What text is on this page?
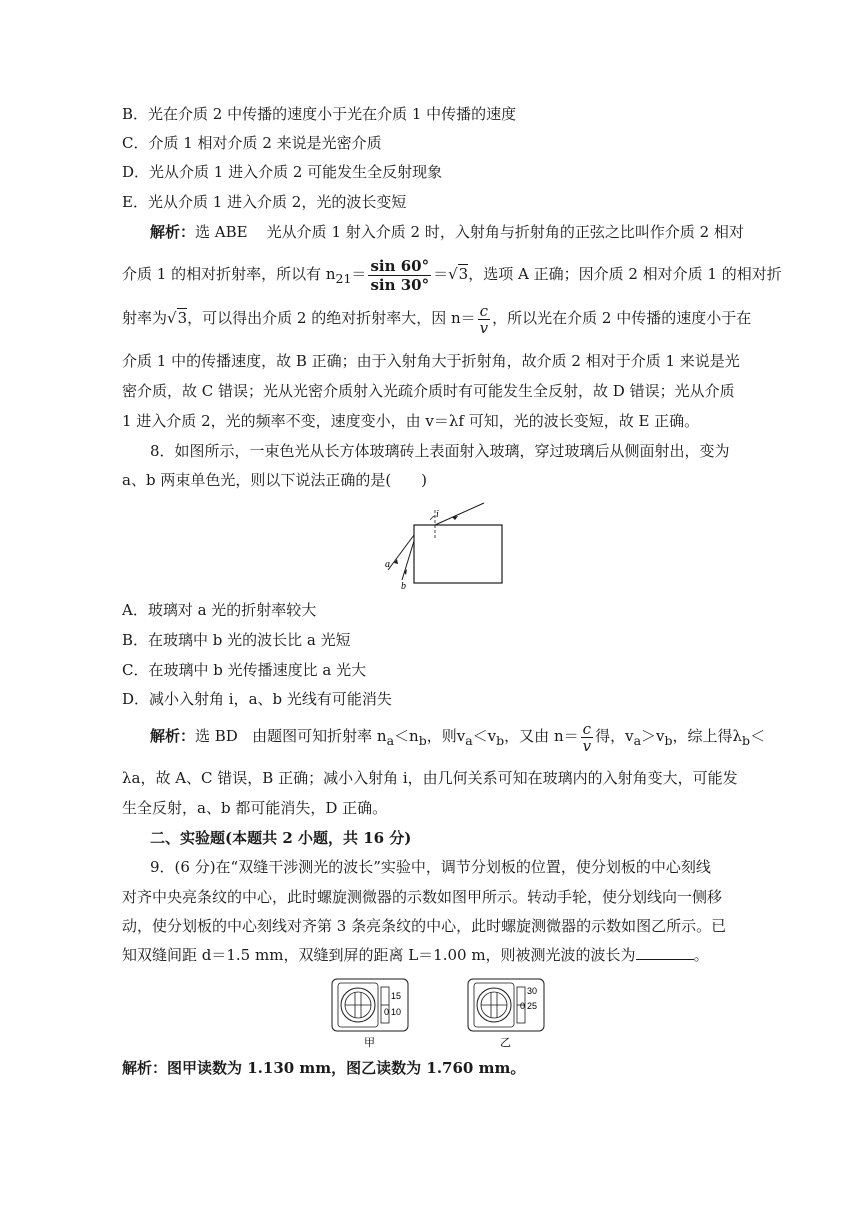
B．光在介质 2 中传播的速度小于光在介质 1 中传播的速度
C．介质 1 相对介质 2 来说是光密介质
D．光从介质 1 进入介质 2 可能发生全反射现象
E．光从介质 1 进入介质 2，光的波长变短
解析：选 ABE 光从介质 1 射入介质 2 时，入射角与折射角的正弦之比叫作介质 2 相对
介质 1 的相对折射率，所以有 $n_{21}= \frac{\sin 60^\circ}{\sin 30^\circ} =√3$，选项 A 正确；因介质 2 相对介质 1 的相对折
射率为√3，可以得出介质 2 的绝对折射率大，因 $n= \frac{c}{v}$ ，所以光在介质 2 中传播的速度小于在
介质 1 中的传播速度，故 B 正确；由于入射角大于折射角，故介质 2 相对于介质 1 来说是光
密介质，故 C 错误；光从光密介质射入光疏介质时有可能发生全反射，故 D 错误；光从介质
1 进入介质 2，光的频率不变，速度变小，由 v＝λf 可知，光的波长变短，故 E 正确。
8．如图所示，一束色光从长方体玻璃砖上表面射入玻璃，穿过玻璃后从侧面射出，变为
a、b 两束单色光，则以下说法正确的是(　　)
i
a
b
A．玻璃对 a 光的折射率较大
B．在玻璃中 b 光的波长比 a 光短
C．在玻璃中 b 光传播速度比 a 光大
D．减小入射角 i，a、b 光线有可能消失
解析：选 BD 由题图可知折射率 $n_a<n_b$，则$v_a<v_b$，又由 $n= \frac{c}{v}$ 得，$v_a>v_b$，综上得$\lambda_b<$
λa，故 A、C 错误，B 正确；减小入射角 i，由几何关系可知在玻璃内的入射角变大，可能发
生全反射，a、b 都可能消失，D 正确。
二、实验题(本题共 2 小题，共 16 分)
9．(6 分)在“双缝干涉测光的波长”实验中，调节分划板的位置，使分划板的中心刻线
对齐中央亮条纹的中心，此时螺旋测微器的示数如图甲所示。转动手轮，使分划线向一侧移
动，使分划板的中心刻线对齐第 3 条亮条纹的中心，此时螺旋测微器的示数如图乙所示。已
知双缝间距 d＝1.5 mm，双缝到屏的距离 L＝1.00 m，则被测光波的波长为	。
15
0 10
甲
30
0 25
乙
解析：图甲读数为 1.130 mm，图乙读数为 1.760 mm。
